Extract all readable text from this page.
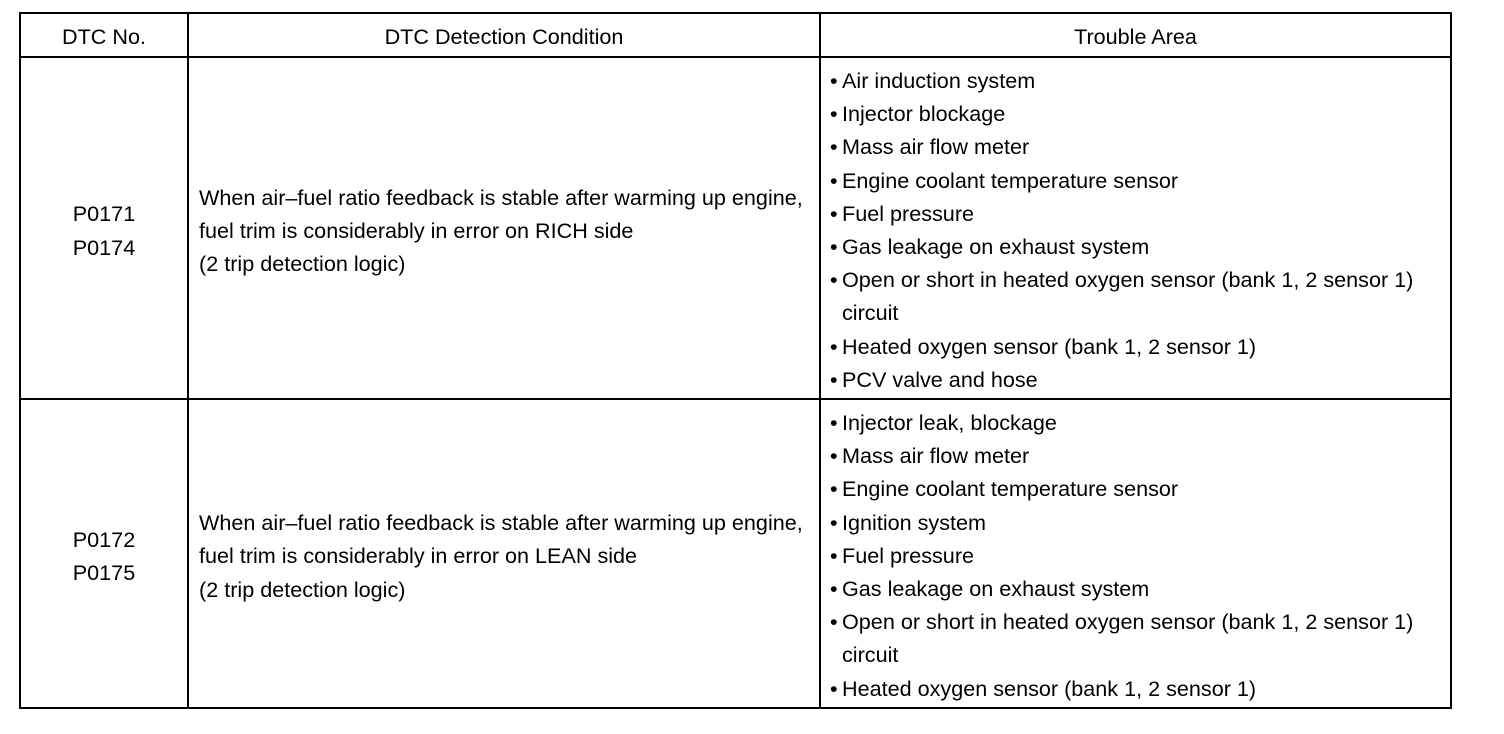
DTC No.	DTC Detection Condition	Trouble Area
P0171
P0174
When air–fuel ratio feedback is stable after warming up engine,
fuel trim is considerably in error on RICH side
(2 trip detection logic)
• Air induction system
• Injector blockage
• Mass air flow meter
• Engine coolant temperature sensor
• Fuel pressure
• Gas leakage on exhaust system
• Open or short in heated oxygen sensor (bank 1, 2 sensor 1) circuit
• Heated oxygen sensor (bank 1, 2 sensor 1)
• PCV valve and hose
P0172
P0175
When air–fuel ratio feedback is stable after warming up engine,
fuel trim is considerably in error on LEAN side
(2 trip detection logic)
• Injector leak, blockage
• Mass air flow meter
• Engine coolant temperature sensor
• Ignition system
• Fuel pressure
• Gas leakage on exhaust system
• Open or short in heated oxygen sensor (bank 1, 2 sensor 1) circuit
• Heated oxygen sensor (bank 1, 2 sensor 1)
